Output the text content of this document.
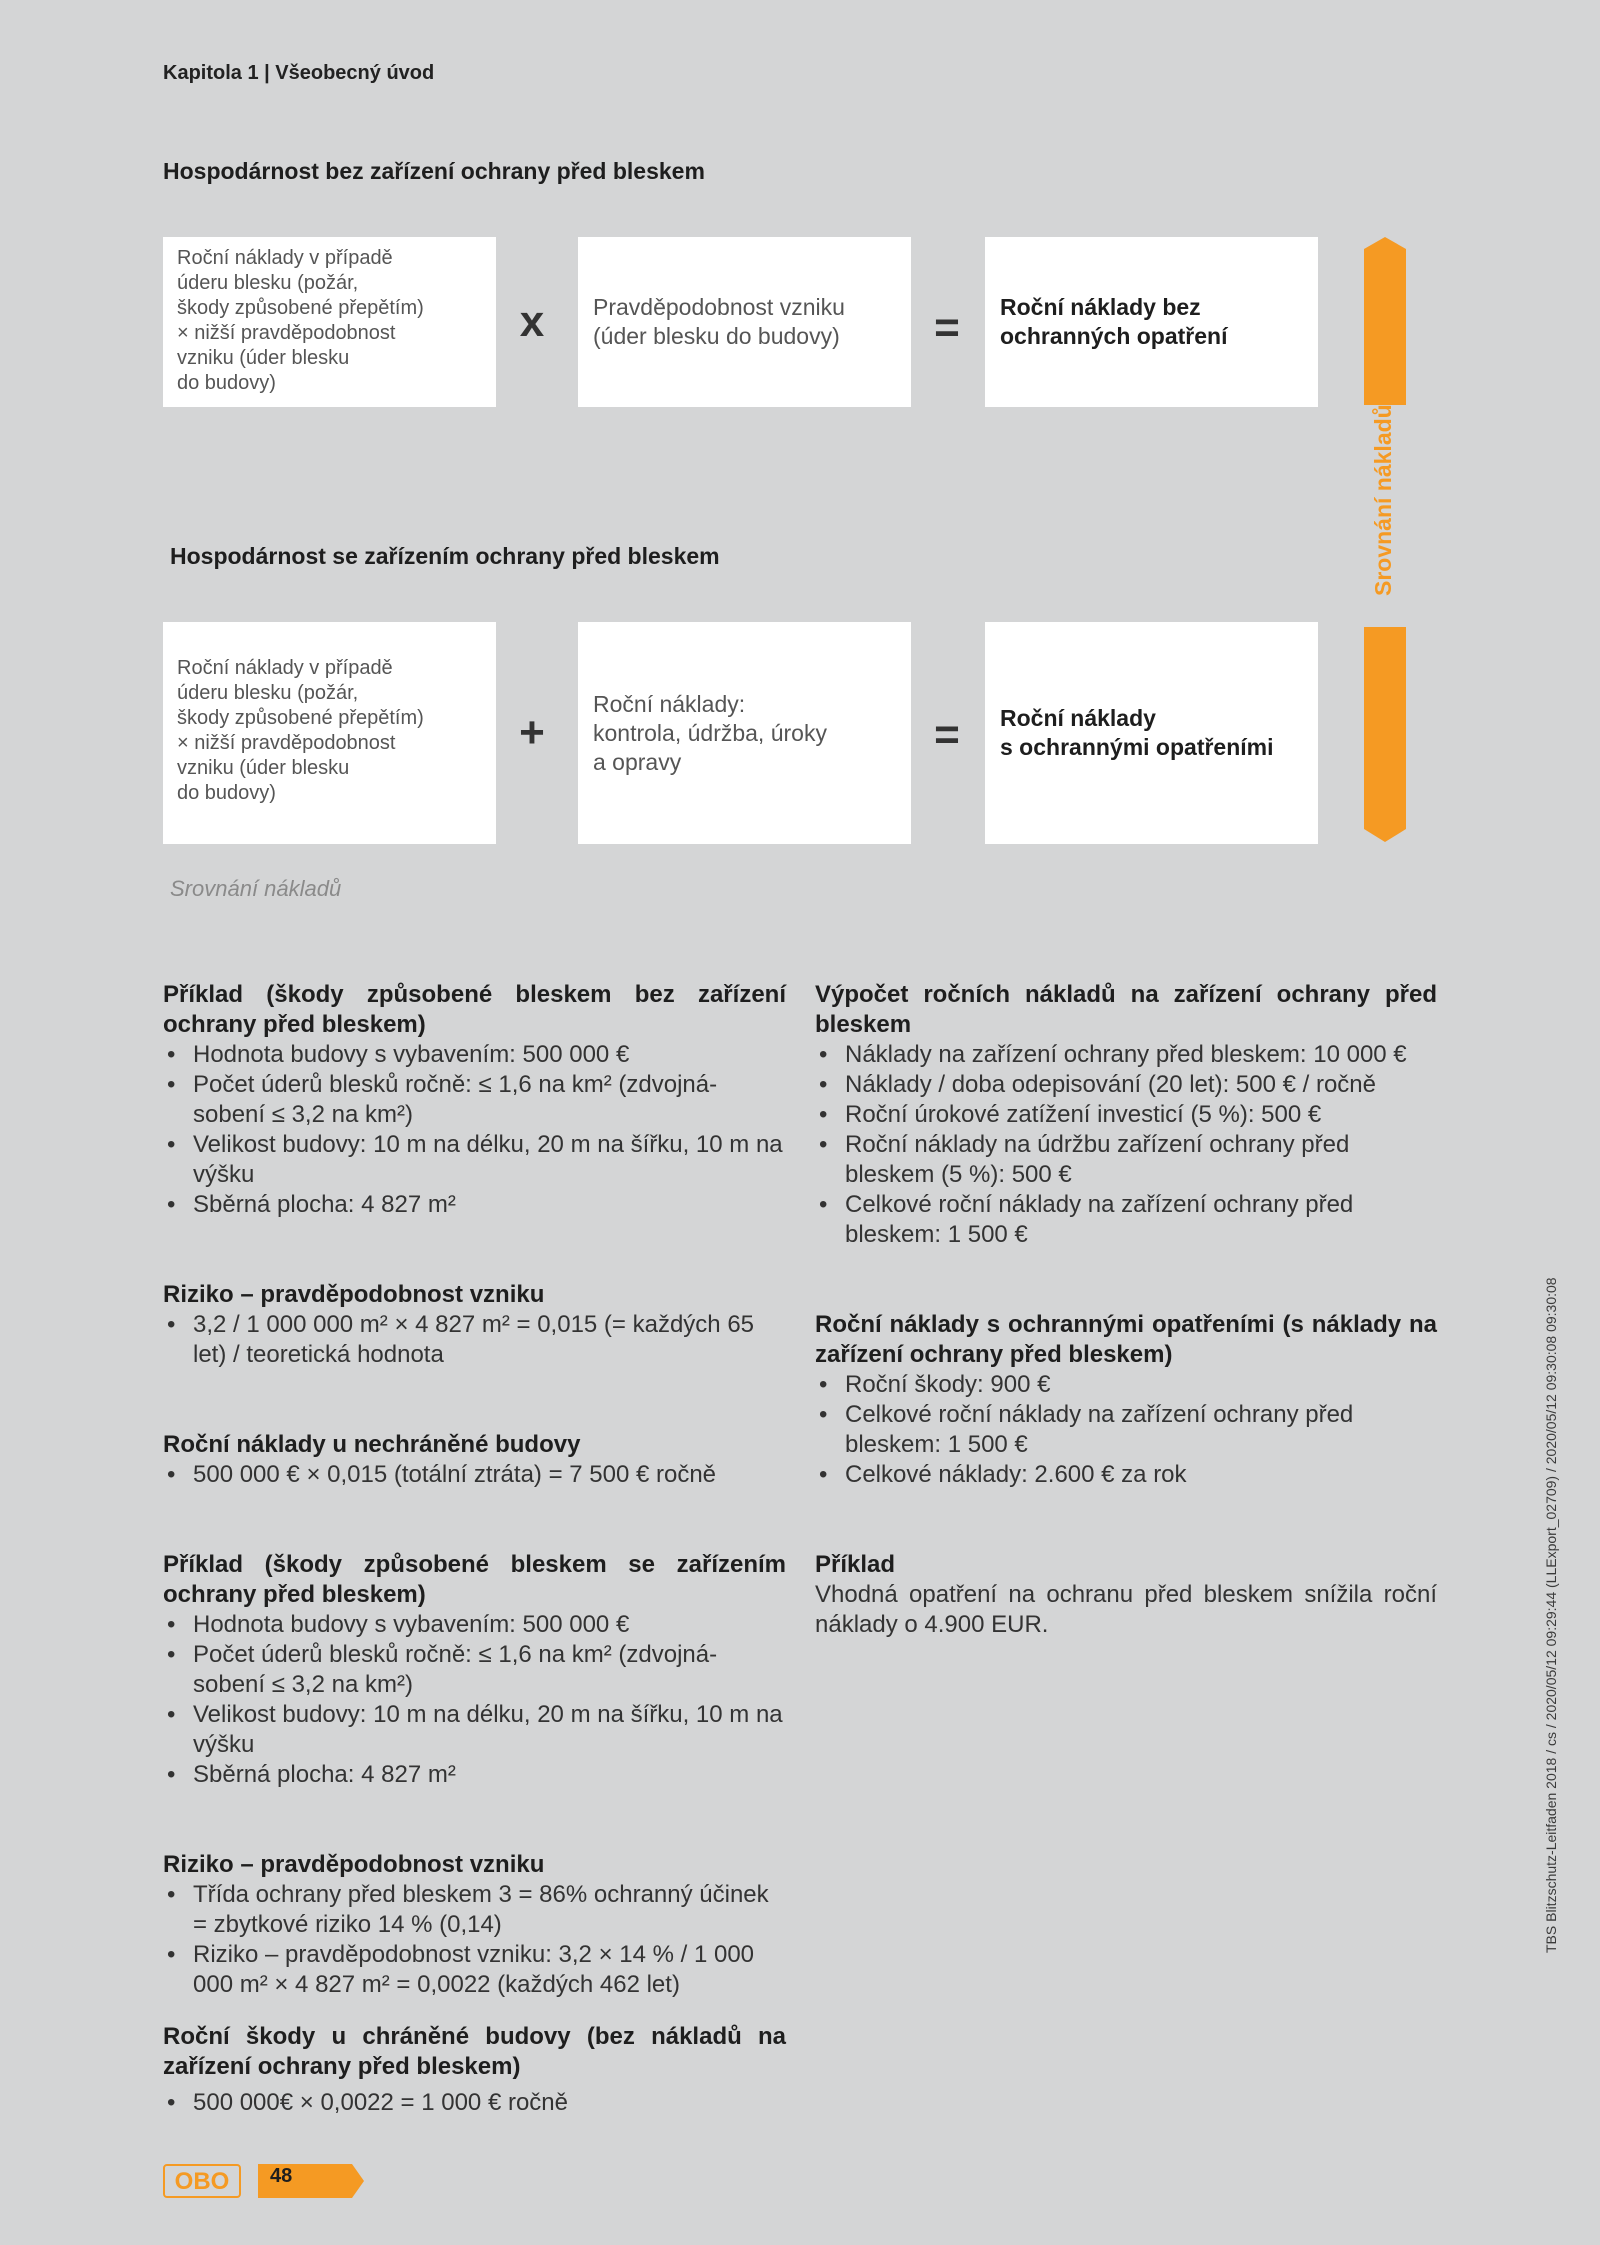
Kapitola 1 | Všeobecný úvod
Hospodárnost bez zařízení ochrany před bleskem
Roční náklady v případě
úderu blesku (požár,
škody způsobené přepětím)
× nižší pravděpodobnost
vzniku (úder blesku
do budovy)
x	Pravděpodobnost vzniku
(úder blesku do budovy)	=	Roční náklady bez
ochranných opatření
Hospodárnost se zařízením ochrany před bleskem
Roční náklady v případě
úderu blesku (požár,
škody způsobené přepětím)
× nižší pravděpodobnost
vzniku (úder blesku
do budovy)
+
Roční náklady:
kontrola, údržba, úroky
a opravy
=	Roční náklady
s ochrannými opatřeními
Srovnání nákladů
Srovnání nákladů
Příklad (škody způsobené bleskem bez zařízení ochrany před bleskem)
• Hodnota budovy s vybavením: 500 000 €
• Počet úderů blesků ročně: ≤ 1,6 na km² (zdvojná-sobení ≤ 3,2 na km²)
• Velikost budovy: 10 m na délku, 20 m na šířku, 10 m na výšku
• Sběrná plocha: 4 827 m²
Riziko – pravděpodobnost vzniku
• 3,2 / 1 000 000 m² × 4 827 m² = 0,015 (= každých 65 let) / teoretická hodnota
Roční náklady u nechráněné budovy
• 500 000 € × 0,015 (totální ztráta) = 7 500 € ročně
Příklad (škody způsobené bleskem se zařízením ochrany před bleskem)
• Hodnota budovy s vybavením: 500 000 €
• Počet úderů blesků ročně: ≤ 1,6 na km² (zdvojná-sobení ≤ 3,2 na km²)
• Velikost budovy: 10 m na délku, 20 m na šířku, 10 m na výšku
• Sběrná plocha: 4 827 m²
Riziko – pravděpodobnost vzniku
• Třída ochrany před bleskem 3 = 86% ochranný účinek = zbytkové riziko 14 % (0,14)
• Riziko – pravděpodobnost vzniku: 3,2 × 14 % / 1 000 000 m² × 4 827 m² = 0,0022 (každých 462 let)
Roční škody u chráněné budovy (bez nákladů na zařízení ochrany před bleskem)
• 500 000€ × 0,0022 = 1 000 € ročně
Výpočet ročních nákladů na zařízení ochrany před bleskem
• Náklady na zařízení ochrany před bleskem: 10 000 €
• Náklady / doba odepisování (20 let): 500 € / ročně
• Roční úrokové zatížení investicí (5 %): 500 €
• Roční náklady na údržbu zařízení ochrany před bleskem (5 %): 500 €
• Celkové roční náklady na zařízení ochrany před bleskem: 1 500 €
Roční náklady s ochrannými opatřeními (s náklady na zařízení ochrany před bleskem)
• Roční škody: 900 €
• Celkové roční náklady na zařízení ochrany před bleskem: 1 500 €
• Celkové náklady: 2.600 € za rok
Příklad
Vhodná opatření na ochranu před bleskem snížila roční náklady o 4.900 EUR.	TBS Blitzschutz-Leitfaden 2018 / cs / 2020/05/12 09:29:44 (LLExport_02709) / 2020/05/12 09:30:08 09:30:08
OBO 48
